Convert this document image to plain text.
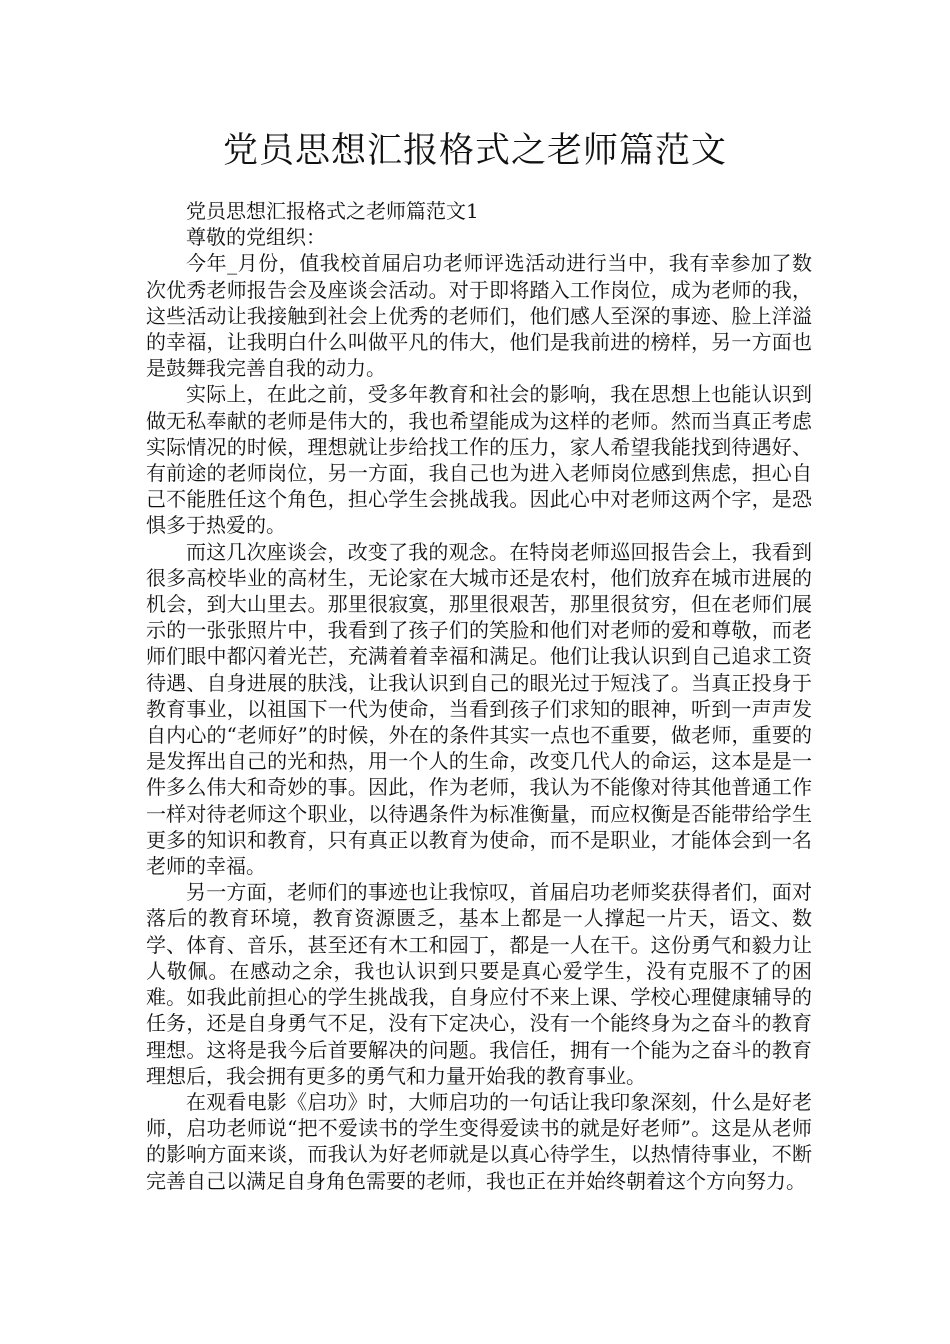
党员思想汇报格式之老师篇范文

党员思想汇报格式之老师篇范文1

尊敬的党组织：

今年_月份，值我校首届启功老师评选活动进行当中，我有幸参加了数次优秀老师报告会及座谈会活动。对于即将踏入工作岗位，成为老师的我，这些活动让我接触到社会上优秀的老师们，他们感人至深的事迹、脸上洋溢的幸福，让我明白什么叫做平凡的伟大，他们是我前进的榜样，另一方面也是鼓舞我完善自我的动力。

实际上，在此之前，受多年教育和社会的影响，我在思想上也能认识到做无私奉献的老师是伟大的，我也希望能成为这样的老师。然而当真正考虑实际情况的时候，理想就让步给找工作的压力，家人希望我能找到待遇好、有前途的老师岗位，另一方面，我自己也为进入老师岗位感到焦虑，担心自己不能胜任这个角色，担心学生会挑战我。因此心中对老师这两个字，是恐惧多于热爱的。

而这几次座谈会，改变了我的观念。在特岗老师巡回报告会上，我看到很多高校毕业的高材生，无论家在大城市还是农村，他们放弃在城市进展的机会，到大山里去。那里很寂寞，那里很艰苦，那里很贫穷，但在老师们展示的一张张照片中，我看到了孩子们的笑脸和他们对老师的爱和尊敬，而老师们眼中都闪着光芒，充满着着幸福和满足。他们让我认识到自己追求工资待遇、自身进展的肤浅，让我认识到自己的眼光过于短浅了。当真正投身于教育事业，以祖国下一代为使命，当看到孩子们求知的眼神，听到一声声发自内心的“老师好”的时候，外在的条件其实一点也不重要，做老师，重要的是发挥出自己的光和热，用一个人的生命，改变几代人的命运，这本是是一件多么伟大和奇妙的事。因此，作为老师，我认为不能像对待其他普通工作一样对待老师这个职业，以待遇条件为标准衡量，而应权衡是否能带给学生更多的知识和教育，只有真正以教育为使命，而不是职业，才能体会到一名老师的幸福。

另一方面，老师们的事迹也让我惊叹，首届启功老师奖获得者们，面对落后的教育环境，教育资源匮乏，基本上都是一人撑起一片天，语文、数学、体育、音乐，甚至还有木工和园丁，都是一人在干。这份勇气和毅力让人敬佩。在感动之余，我也认识到只要是真心爱学生，没有克服不了的困难。如我此前担心的学生挑战我，自身应付不来上课、学校心理健康辅导的任务，还是自身勇气不足，没有下定决心，没有一个能终身为之奋斗的教育理想。这将是我今后首要解决的问题。我信任，拥有一个能为之奋斗的教育理想后，我会拥有更多的勇气和力量开始我的教育事业。

在观看电影《启功》时，大师启功的一句话让我印象深刻，什么是好老师，启功老师说“把不爱读书的学生变得爱读书的就是好老师”。这是从老师的影响方面来谈，而我认为好老师就是以真心待学生，以热情待事业，不断完善自己以满足自身角色需要的老师，我也正在并始终朝着这个方向努力。
